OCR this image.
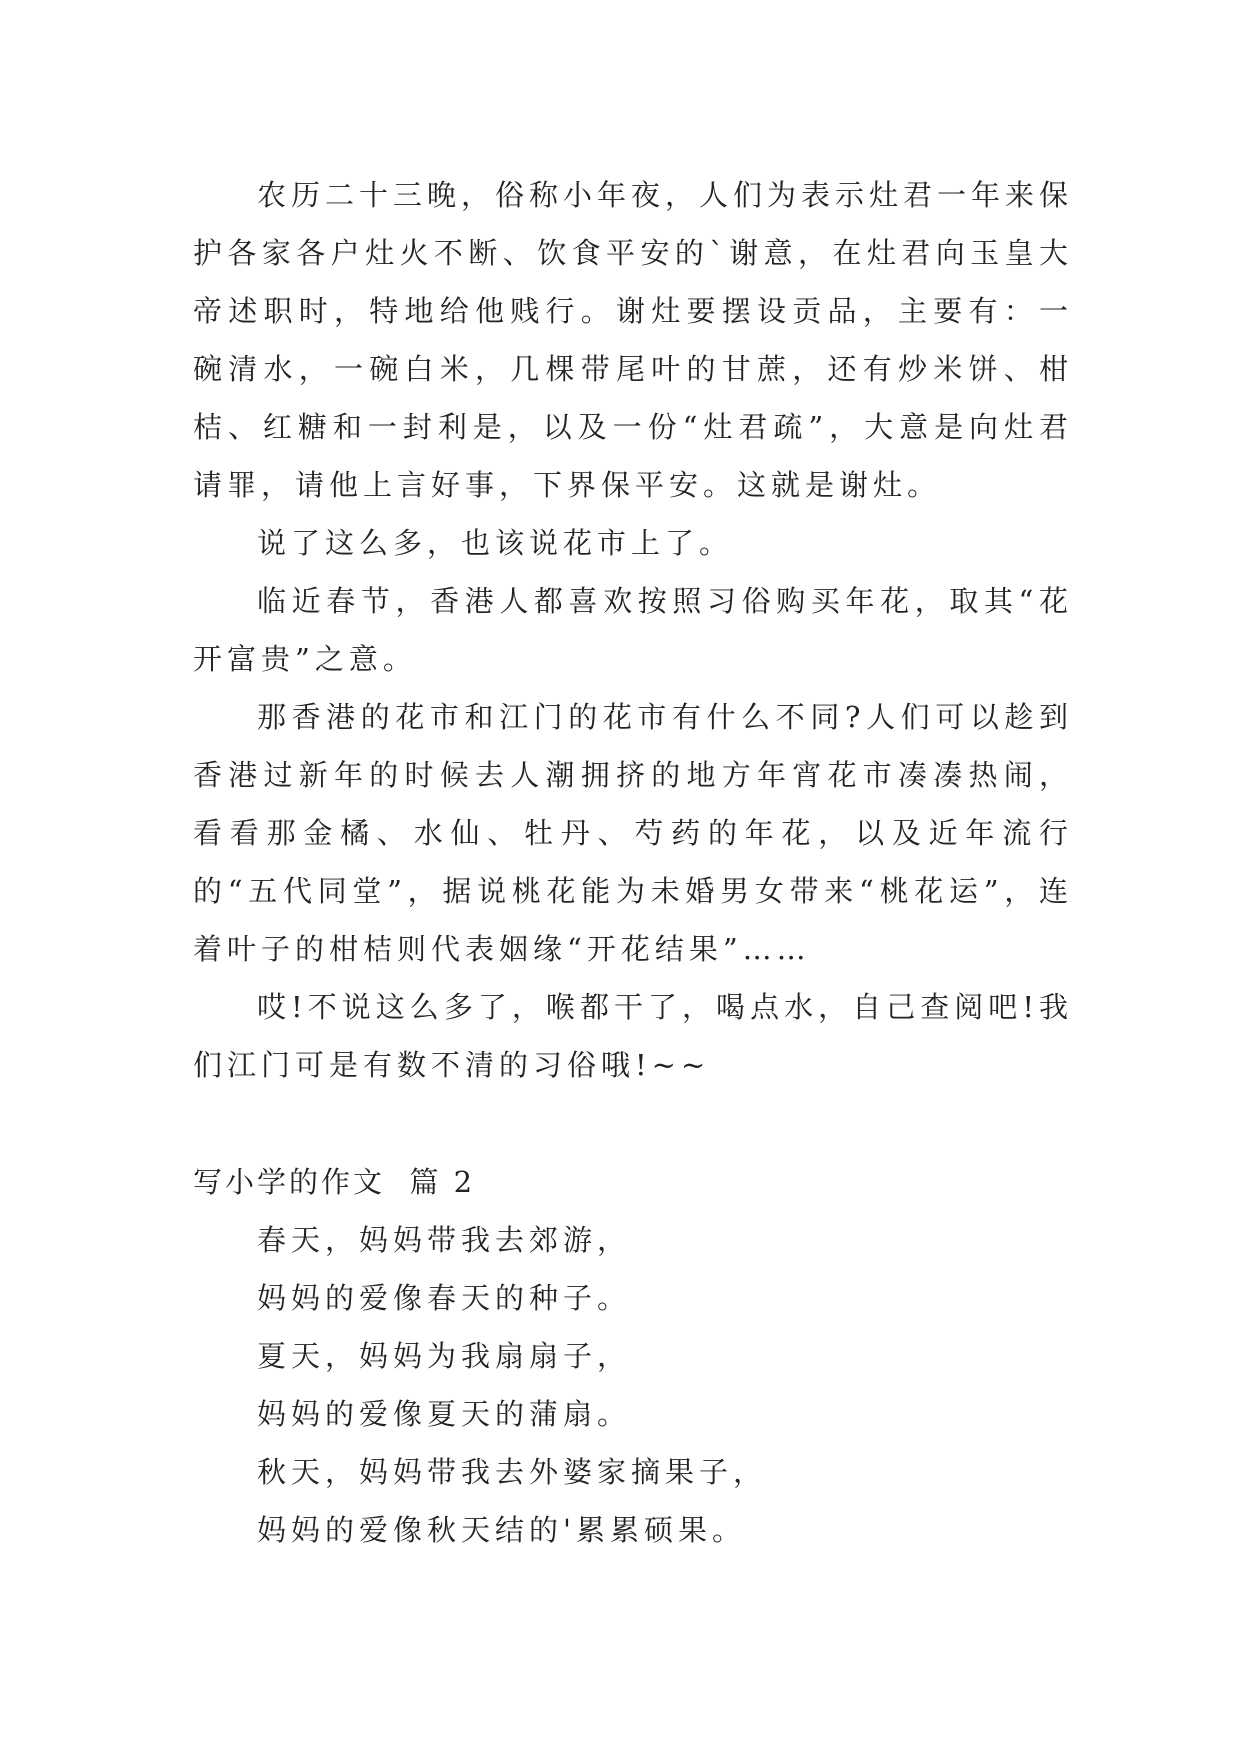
农历二十三晚，俗称小年夜，人们为表示灶君一年来保护各家各户灶火不断、饮食平安的`谢意，在灶君向玉皇大帝述职时，特地给他贱行。谢灶要摆设贡品，主要有：一碗清水，一碗白米，几棵带尾叶的甘蔗，还有炒米饼、柑桔、红糖和一封利是，以及一份“灶君疏”，大意是向灶君请罪，请他上言好事，下界保平安。这就是谢灶。

说了这么多，也该说花市上了。

临近春节，香港人都喜欢按照习俗购买年花，取其“花开富贵”之意。

那香港的花市和江门的花市有什么不同?人们可以趁到香港过新年的时候去人潮拥挤的地方年宵花市凑凑热闹，看看那金橘、水仙、牡丹、芍药的年花，以及近年流行的“五代同堂”，据说桃花能为未婚男女带来“桃花运”，连着叶子的柑桔则代表姻缘“开花结果”……

哎!不说这么多了，喉都干了，喝点水，自己查阅吧!我们江门可是有数不清的习俗哦!~~

写小学的作文  篇 2

春天，妈妈带我去郊游，

妈妈的爱像春天的种子。

夏天，妈妈为我扇扇子，

妈妈的爱像夏天的蒲扇。

秋天，妈妈带我去外婆家摘果子，

妈妈的爱像秋天结的'累累硕果。
